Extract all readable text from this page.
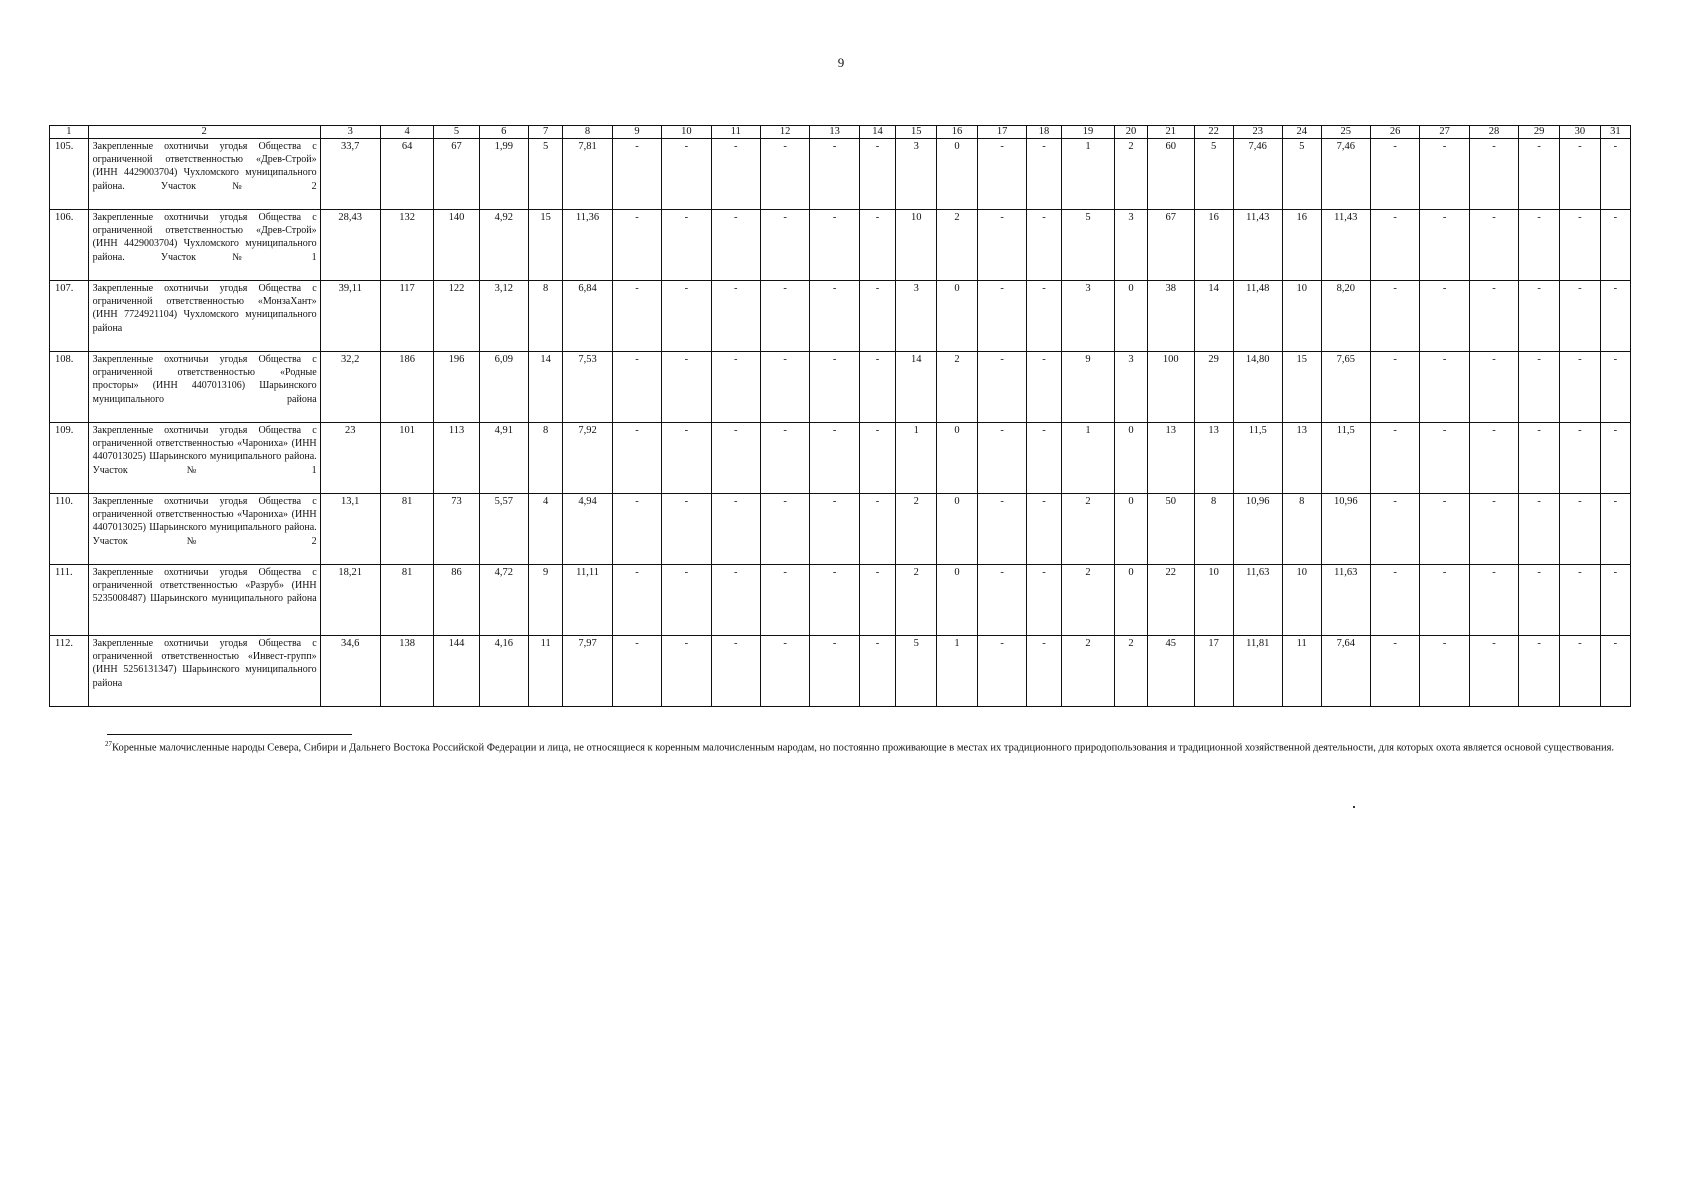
9
1	2	3	4	5	6	7	8	9	10	11	12	13	14	15	16	17	18	19	20	21	22	23	24	25	26	27	28	29	30	31
105.	Закрепленные охотничьи угодья Общества с ограниченной ответственностью «Древ-Строй» (ИНН 4429003704) Чухломского муниципального района. Участок № 2	33,7	64	67	1,99	5	7,81	-	-	-	-	-	-	3	0	-	-	1	2	60	5	7,46	5	7,46	-	-	-	-	-	-
106.	Закрепленные охотничьи угодья Общества с ограниченной ответственностью «Древ-Строй» (ИНН 4429003704) Чухломского муниципального района. Участок № 1	28,43	132	140	4,92	15	11,36	-	-	-	-	-	-	10	2	-	-	5	3	67	16	11,43	16	11,43	-	-	-	-	-	-
107.	Закрепленные охотничьи угодья Общества с ограниченной ответственностью «МонзаХант» (ИНН 7724921104) Чухломского муниципального района	39,11	117	122	3,12	8	6,84	-	-	-	-	-	-	3	0	-	-	3	0	38	14	11,48	10	8,20	-	-	-	-	-	-
108.	Закрепленные охотничьи угодья Общества с ограниченной ответственностью «Родные просторы» (ИНН 4407013106) Шарьинского муниципального района	32,2	186	196	6,09	14	7,53	-	-	-	-	-	-	14	2	-	-	9	3	100	29	14,80	15	7,65	-	-	-	-	-	-
109.	Закрепленные охотничьи угодья Общества с ограниченной ответственностью «Чарониха» (ИНН 4407013025) Шарьинского муниципального района. Участок № 1	23	101	113	4,91	8	7,92	-	-	-	-	-	-	1	0	-	-	1	0	13	13	11,5	13	11,5	-	-	-	-	-	-
110.	Закрепленные охотничьи угодья Общества с ограниченной ответственностью «Чарониха» (ИНН 4407013025) Шарьинского муниципального района. Участок № 2	13,1	81	73	5,57	4	4,94	-	-	-	-	-	-	2	0	-	-	2	0	50	8	10,96	8	10,96	-	-	-	-	-	-
111.	Закрепленные охотничьи угодья Общества с ограниченной ответственностью «Разруб» (ИНН 5235008487) Шарьинского муниципального района	18,21	81	86	4,72	9	11,11	-	-	-	-	-	-	2	0	-	-	2	0	22	10	11,63	10	11,63	-	-	-	-	-	-
112.	Закрепленные охотничьи угодья Общества с ограниченной ответственностью «Инвест-групп» (ИНН 5256131347) Шарьинского муниципального района	34,6	138	144	4,16	11	7,97	-	-	-	-	-	-	5	1	-	-	2	2	45	17	11,81	11	7,64	-	-	-	-	-	-
$^{27}$Коренные малочисленные народы Севера, Сибири и Дальнего Востока Российской Федерации и лица, не относящиеся к коренным малочисленным народам, но постоянно проживающие в местах их традиционного природопользования и традиционной хозяйственной деятельности, для которых охота является основой существования.
